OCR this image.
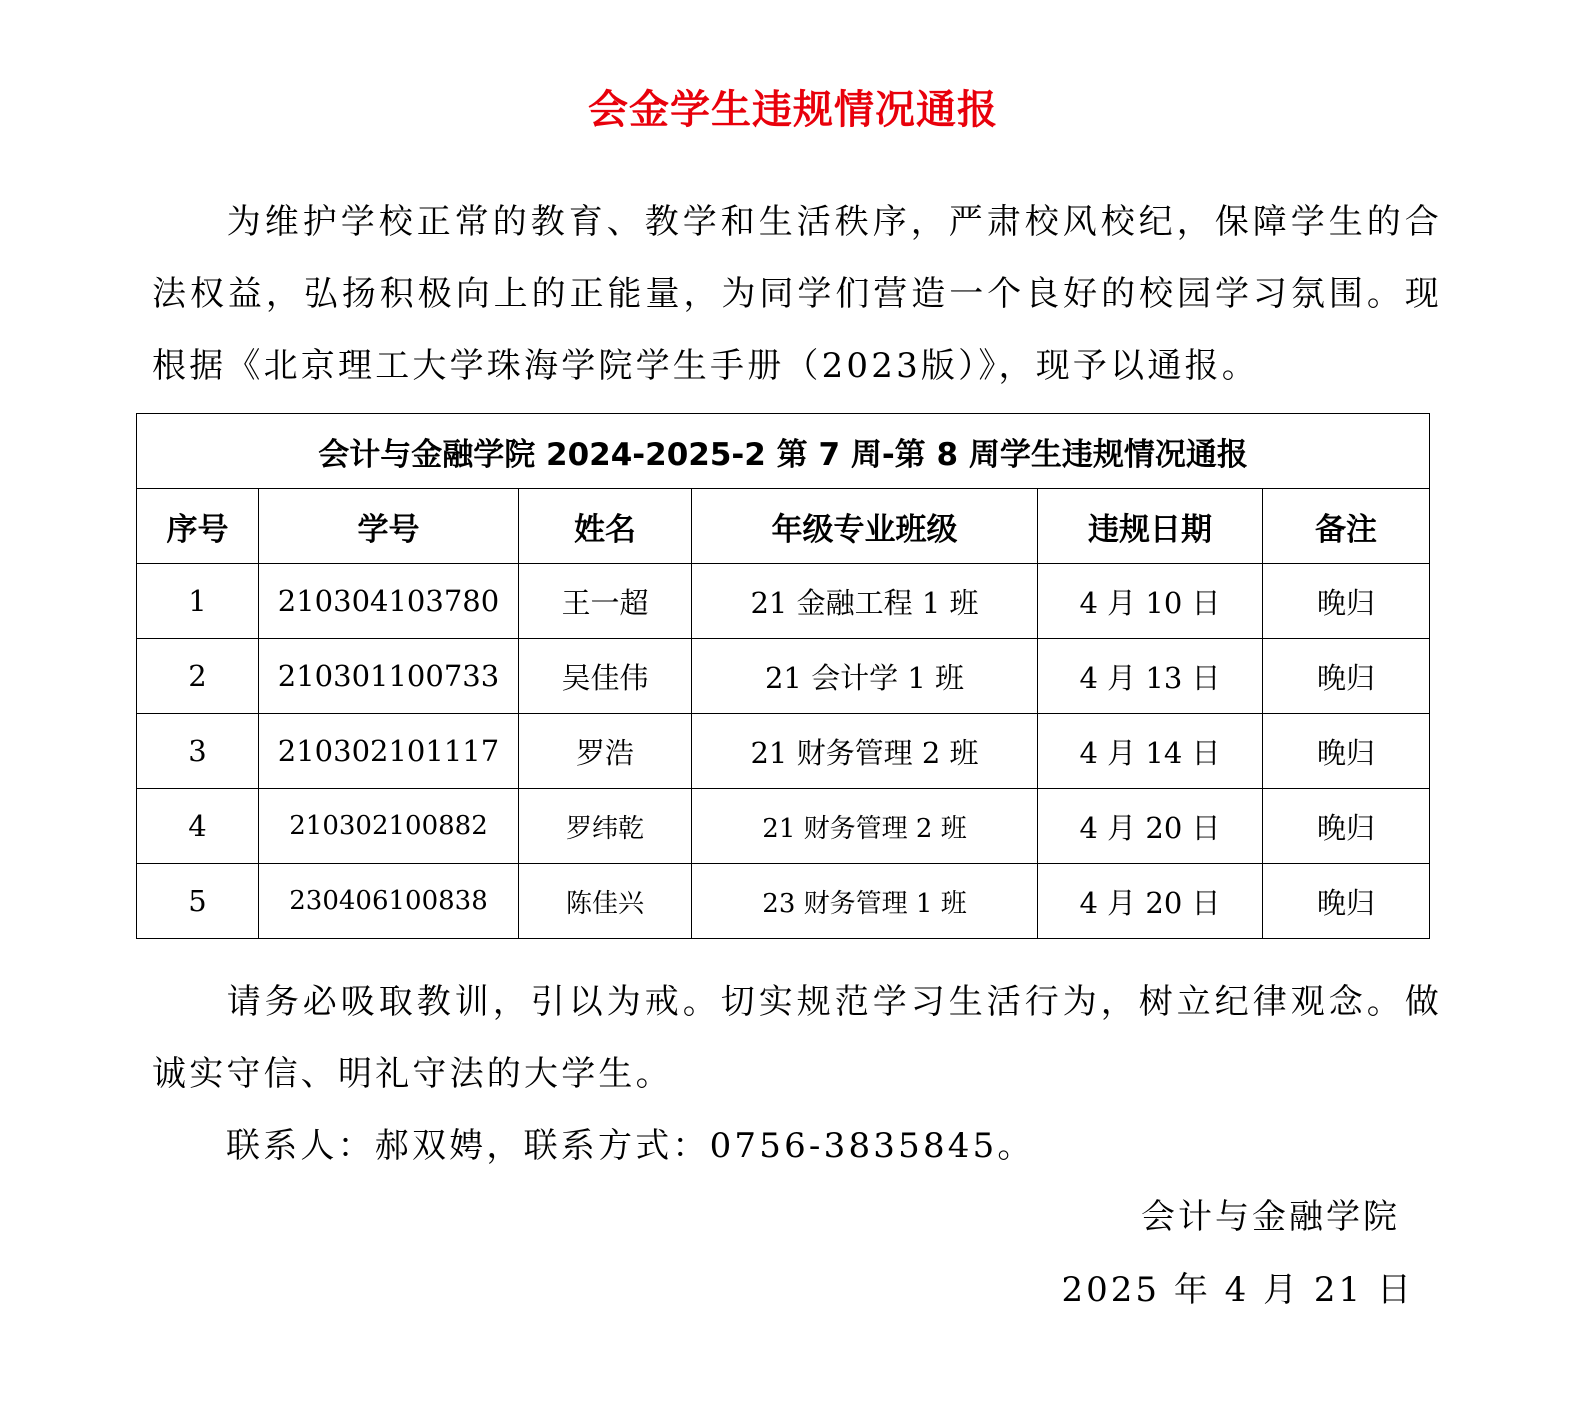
会金学生违规情况通报
为维护学校正常的教育、教学和生活秩序，严肃校风校纪，保障学生的合法权益，弘扬积极向上的正能量，为同学们营造一个良好的校园学习氛围。现根据《北京理工大学珠海学院学生手册（2023版）》，现予以通报。
会计与金融学院 2024-2025-2 第 7 周-第 8 周学生违规情况通报					
序号	学号	姓名	年级专业班级	违规日期	备注
1	210304103780	王一超	21 金融工程 1 班	4 月 10 日	晚归
2	210301100733	吴佳伟	21 会计学 1 班	4 月 13 日	晚归
3	210302101117	罗浩	21 财务管理 2 班	4 月 14 日	晚归
4	210302100882	罗纬乾	21 财务管理 2 班	4 月 20 日	晚归
5	230406100838	陈佳兴	23 财务管理 1 班	4 月 20 日	晚归
请务必吸取教训，引以为戒。切实规范学习生活行为，树立纪律观念。做诚实守信、明礼守法的大学生。
联系人：郝双娉，联系方式：0756-3835845。
会计与金融学院
2025 年 4 月 21 日
